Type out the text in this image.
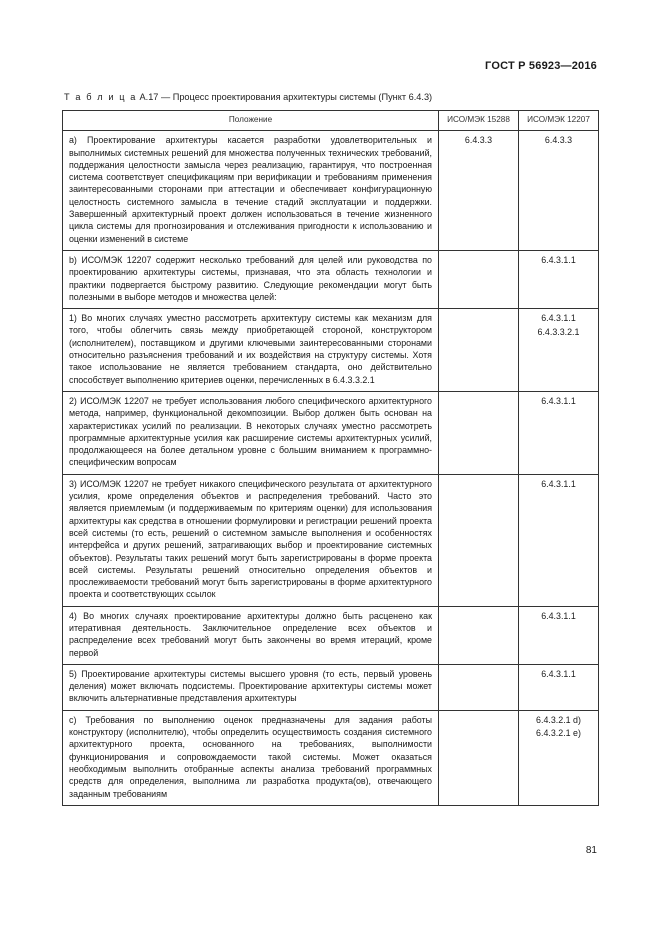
ГОСТ Р 56923—2016
Т а б л и ц а А.17 — Процесс проектирования архитектуры системы (Пункт 6.4.3)
Положение	ИСО/МЭК 15288	ИСО/МЭК 12207
а) Проектирование архитектуры касается разработки удовлетворительных и выполнимых системных решений для множества полученных технических требований, поддержания целостности замысла через реализацию, гарантируя, что построенная система соответствует спецификациям при верификации и требованиям применения заинтересованными сторонами при аттестации и обеспечивает конфигурационную целостность системного замысла в течение стадий эксплуатации и поддержки. Завершенный архитектурный проект должен использоваться в течение жизненного цикла системы для прогнозирования и отслеживания пригодности к использованию и оценки изменений в системе	6.4.3.3	6.4.3.3

b) ИСО/МЭК 12207 содержит несколько требований для целей или руководства по проектированию архитектуры системы, признавая, что эта область технологии и практики подвергается быстрому развитию. Следующие рекомендации могут быть полезными в выборе методов и множества целей:		6.4.3.1.1

1) Во многих случаях уместно рассмотреть архитектуру системы как механизм для того, чтобы облегчить связь между приобретающей стороной, конструктором (исполнителем), поставщиком и другими ключевыми заинтересованными сторонами относительно разъяснения требований и их воздействия на структуру системы. Хотя такое использование не является требованием стандарта, оно действительно способствует выполнению критериев оценки, перечисленных в 6.4.3.3.2.1		6.4.3.1.1
6.4.3.3.2.1

2) ИСО/МЭК 12207 не требует использования любого специфического архитектурного метода, например, функциональной декомпозиции. Выбор должен быть основан на характеристиках усилий по реализации. В некоторых случаях уместно рассмотреть программные архитектурные усилия как расширение системы архитектурных усилий, продолжающееся на более детальном уровне с большим вниманием к программно-специфическим вопросам		6.4.3.1.1

3) ИСО/МЭК 12207 не требует никакого специфического результата от архитектурного усилия, кроме определения объектов и распределения требований. Часто это является приемлемым (и поддерживаемым по критериям оценки) для использования архитектуры как средства в отношении формулировки и регистрации решений проекта всей системы (то есть, решений о системном замысле выполнения и особенностях интерфейса и других решений, затрагивающих выбор и проектирование системных объектов). Результаты таких решений могут быть зарегистрированы в форме проекта всей системы. Результаты решений относительно определения объектов и прослеживаемости требований могут быть зарегистрированы в форме архитектурного проекта и соответствующих ссылок		6.4.3.1.1

4) Во многих случаях проектирование архитектуры должно быть расценено как итеративная деятельность. Заключительное определение всех объектов и распределение всех требований могут быть закончены во время итераций, кроме первой		6.4.3.1.1

5) Проектирование архитектуры системы высшего уровня (то есть, первый уровень деления) может включать подсистемы. Проектирование архитектуры системы может включить альтернативные представления архитектуры		6.4.3.1.1

c) Требования по выполнению оценок предназначены для задания работы конструктору (исполнителю), чтобы определить осуществимость создания системного архитектурного проекта, основанного на требованиях, выполнимости функционирования и сопровождаемости такой системы. Может оказаться необходимым выполнить отобранные аспекты анализа требований программных средств для определения, выполнима ли разработка продукта(ов), отвечающего заданным требованиям		6.4.3.2.1 d)
6.4.3.2.1 e)
81
